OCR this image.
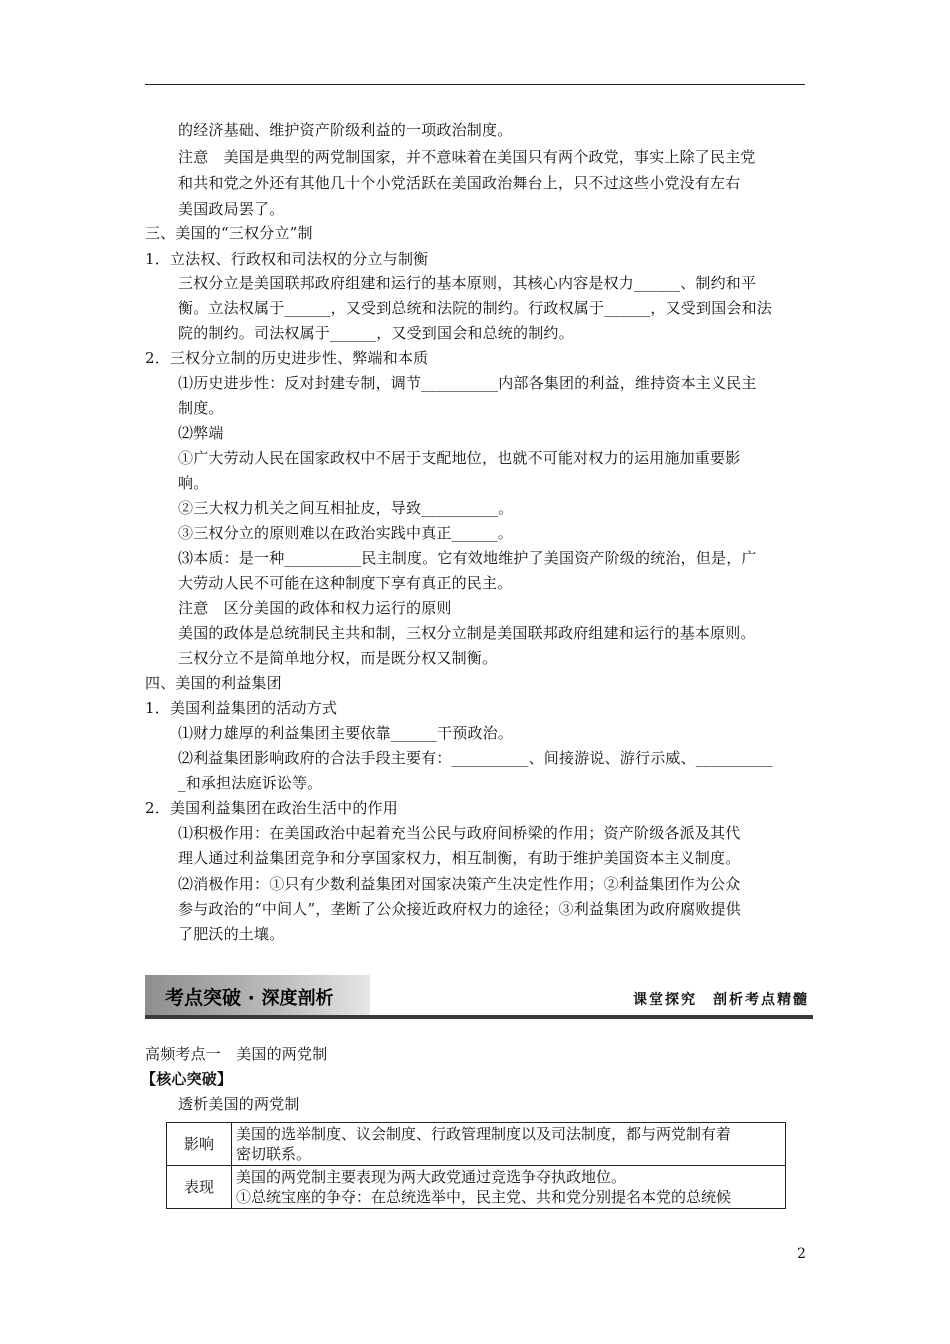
的经济基础、维护资产阶级利益的一项政治制度。
注意　美国是典型的两党制国家，并不意味着在美国只有两个政党，事实上除了民主党
和共和党之外还有其他几十个小党活跃在美国政治舞台上，只不过这些小党没有左右
美国政局罢了。
三、美国的“三权分立”制
1．立法权、行政权和司法权的分立与制衡
三权分立是美国联邦政府组建和运行的基本原则，其核心内容是权力______、制约和平
衡。立法权属于______，又受到总统和法院的制约。行政权属于______，又受到国会和法
院的制约。司法权属于______，又受到国会和总统的制约。
2．三权分立制的历史进步性、弊端和本质
⑴历史进步性：反对封建专制，调节__________内部各集团的利益，维持资本主义民主
制度。
⑵弊端
①广大劳动人民在国家政权中不居于支配地位，也就不可能对权力的运用施加重要影
响。
②三大权力机关之间互相扯皮，导致__________。
③三权分立的原则难以在政治实践中真正______。
⑶本质：是一种__________民主制度。它有效地维护了美国资产阶级的统治，但是，广
大劳动人民不可能在这种制度下享有真正的民主。
注意　区分美国的政体和权力运行的原则
美国的政体是总统制民主共和制，三权分立制是美国联邦政府组建和运行的基本原则。
三权分立不是简单地分权，而是既分权又制衡。
四、美国的利益集团
1．美国利益集团的活动方式
⑴财力雄厚的利益集团主要依靠______干预政治。
⑵利益集团影响政府的合法手段主要有：__________、间接游说、游行示威、__________
_和承担法庭诉讼等。
2．美国利益集团在政治生活中的作用
⑴积极作用：在美国政治中起着充当公民与政府间桥梁的作用；资产阶级各派及其代
理人通过利益集团竞争和分享国家权力，相互制衡，有助于维护美国资本主义制度。
⑵消极作用：①只有少数利益集团对国家决策产生决定性作用；②利益集团作为公众
参与政治的“中间人”，垄断了公众接近政府权力的途径；③利益集团为政府腐败提供
了肥沃的土壤。
考点突破 · 深度剖析	课堂探究　剖析考点精髓
高频考点一　美国的两党制
【核心突破】
透析美国的两党制
影响	美国的选举制度、议会制度、行政管理制度以及司法制度，都与两党制有着
密切联系。

表现	美国的两党制主要表现为两大政党通过竞选争夺执政地位。
①总统宝座的争夺：在总统选举中，民主党、共和党分别提名本党的总统候
2
